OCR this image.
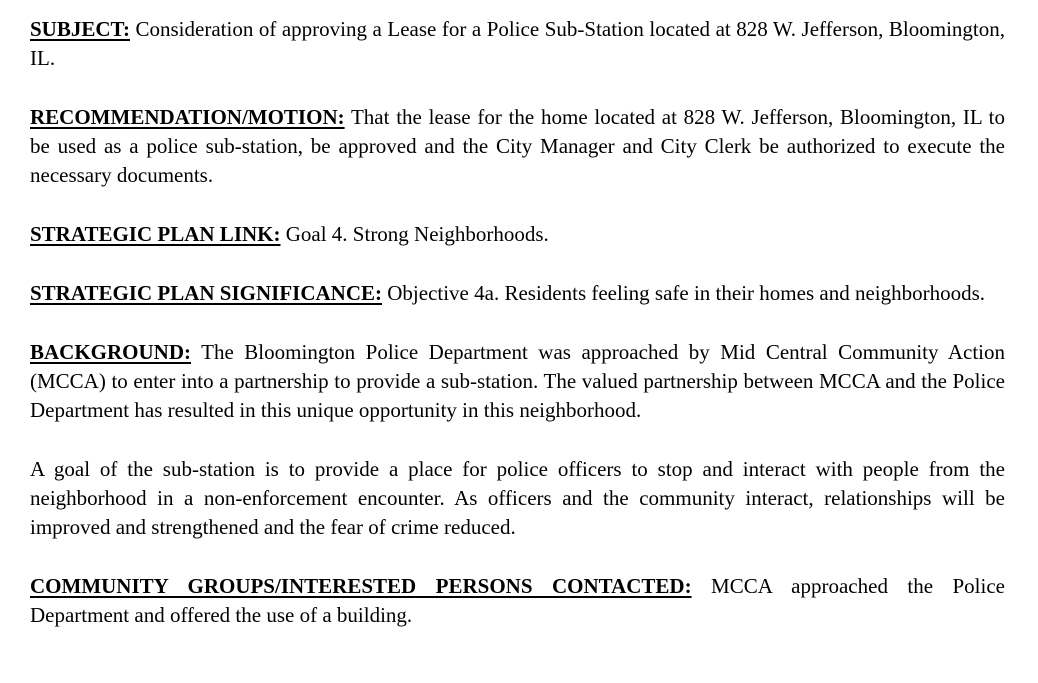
SUBJECT: Consideration of approving a Lease for a Police Sub-Station located at 828 W. Jefferson, Bloomington, IL.

RECOMMENDATION/MOTION: That the lease for the home located at 828 W. Jefferson, Bloomington, IL to be used as a police sub-station, be approved and the City Manager and City Clerk be authorized to execute the necessary documents.

STRATEGIC PLAN LINK: Goal 4. Strong Neighborhoods.

STRATEGIC PLAN SIGNIFICANCE: Objective 4a. Residents feeling safe in their homes and neighborhoods.

BACKGROUND: The Bloomington Police Department was approached by Mid Central Community Action (MCCA) to enter into a partnership to provide a sub-station. The valued partnership between MCCA and the Police Department has resulted in this unique opportunity in this neighborhood.

A goal of the sub-station is to provide a place for police officers to stop and interact with people from the neighborhood in a non-enforcement encounter. As officers and the community interact, relationships will be improved and strengthened and the fear of crime reduced.

COMMUNITY GROUPS/INTERESTED PERSONS CONTACTED: MCCA approached the Police Department and offered the use of a building.
